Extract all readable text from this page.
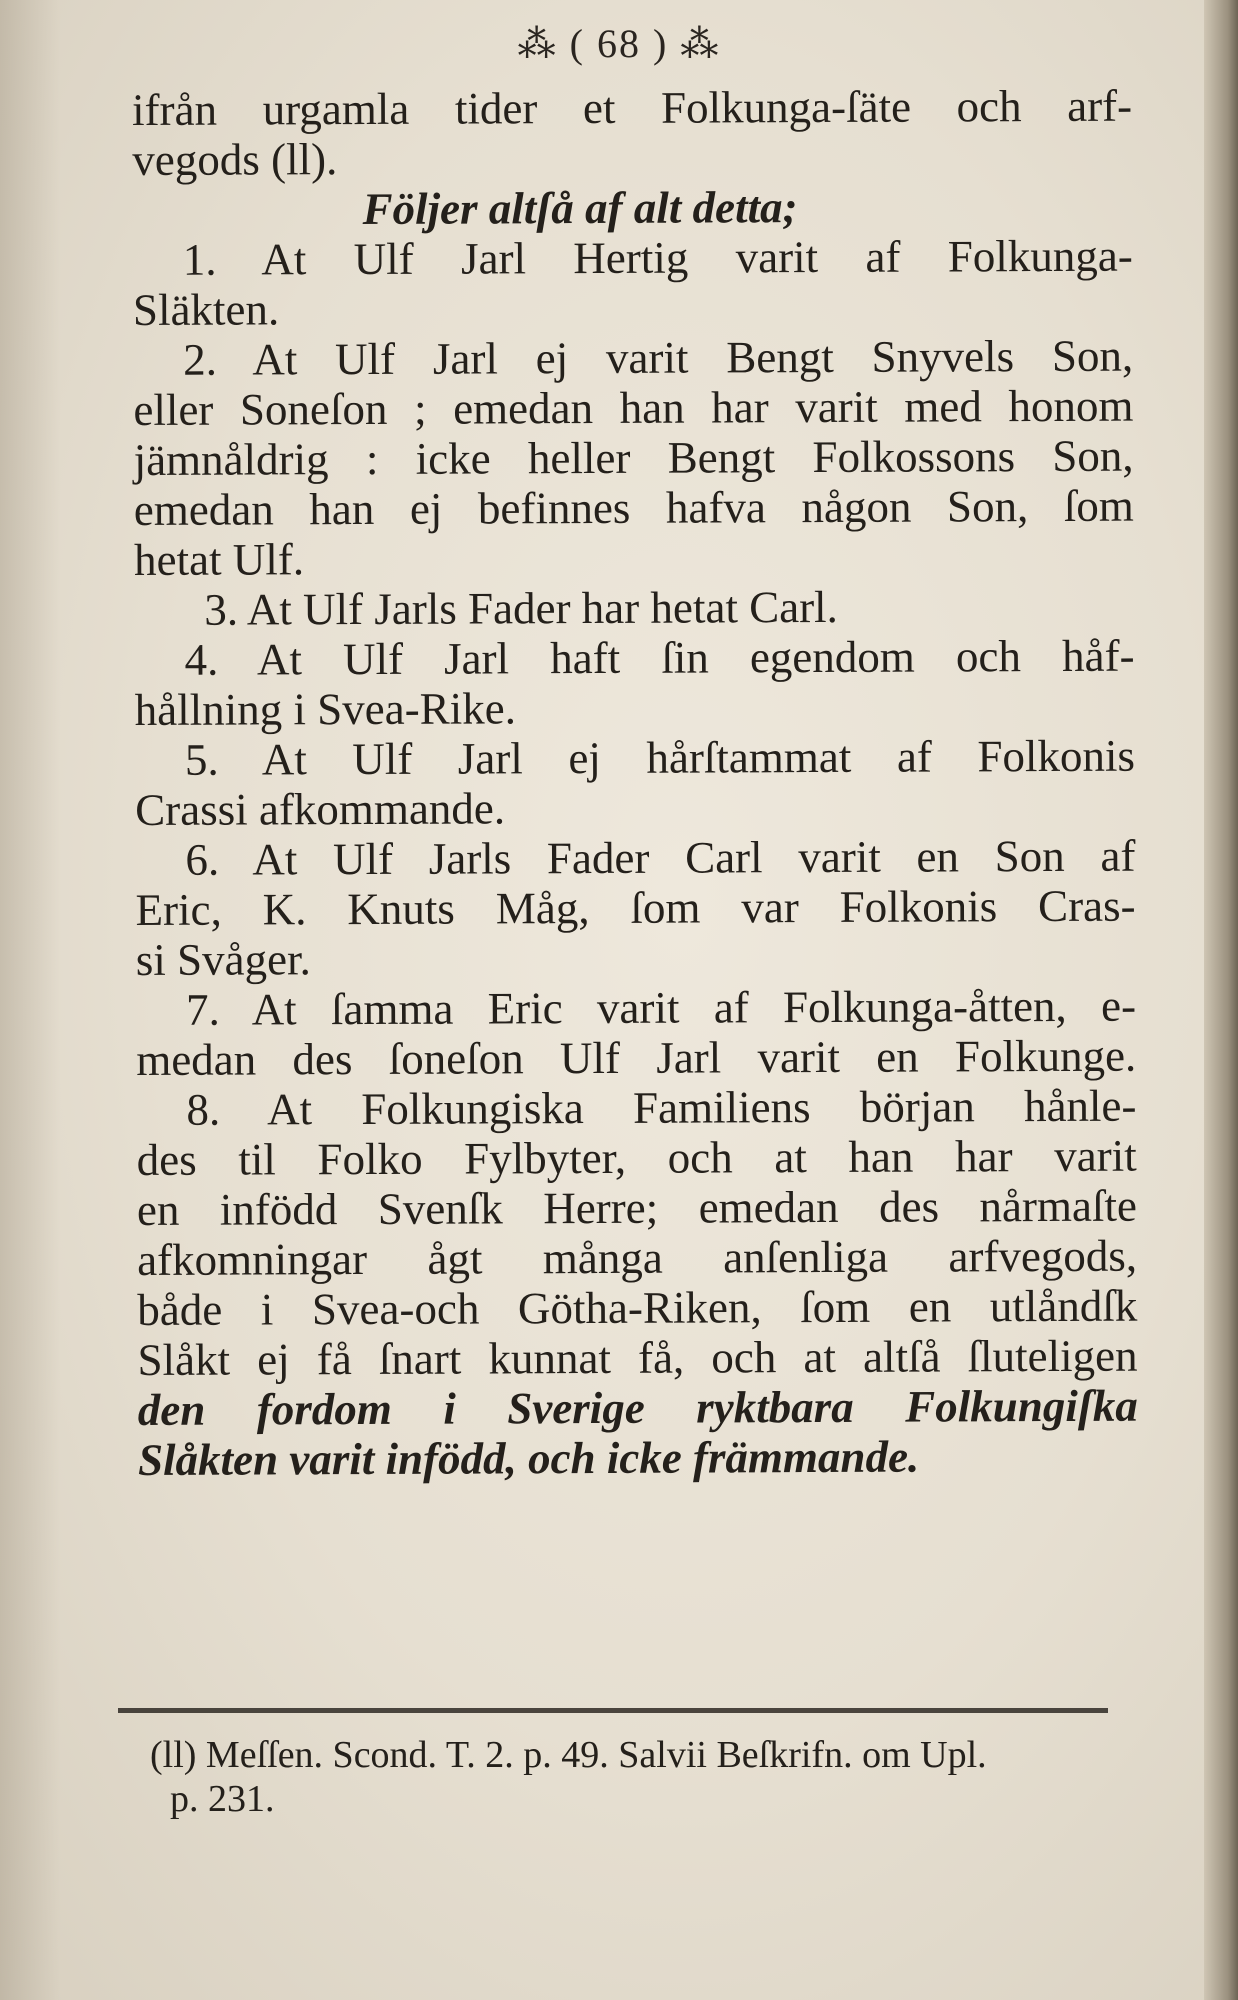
⁂ ( 68 ) ⁂
ifrån urgamla tider et Folkunga-ſäte och arf-
vegods (ll).
Följer altſå af alt detta;
1. At Ulf Jarl Hertig varit af Folkunga-
Släkten.
2. At Ulf Jarl ej varit Bengt Snyvels Son,
eller Soneſon ; emedan han har varit med honom
jämnåldrig : icke heller Bengt Folkossons Son,
emedan han ej befinnes hafva någon Son, ſom
hetat Ulf.
3. At Ulf Jarls Fader har hetat Carl.
4. At Ulf Jarl haft ſin egendom och håf-
hållning i Svea-Rike.
5. At Ulf Jarl ej hårſtammat af Folkonis
Crassi afkommande.
6. At Ulf Jarls Fader Carl varit en Son af
Eric, K. Knuts Måg, ſom var Folkonis Cras-
si Svåger.
7. At ſamma Eric varit af Folkunga-åtten, e-
medan des ſoneſon Ulf Jarl varit en Folkunge.
8. At Folkungiska Familiens början hånle-
des til Folko Fylbyter, och at han har varit
en infödd Svenſk Herre; emedan des nårmaſte
afkomningar ågt många anſenliga arfvegods,
både i Svea-och Götha-Riken, ſom en utlåndſk
Slåkt ej få ſnart kunnat få, och at altſå ſluteligen
den fordom i Sverige ryktbara Folkungiſka
Slåkten varit infödd, och icke främmande.
(ll) Meſſen. Scond. T. 2. p. 49. Salvii Beſkrifn. om Upl.
p. 231.
